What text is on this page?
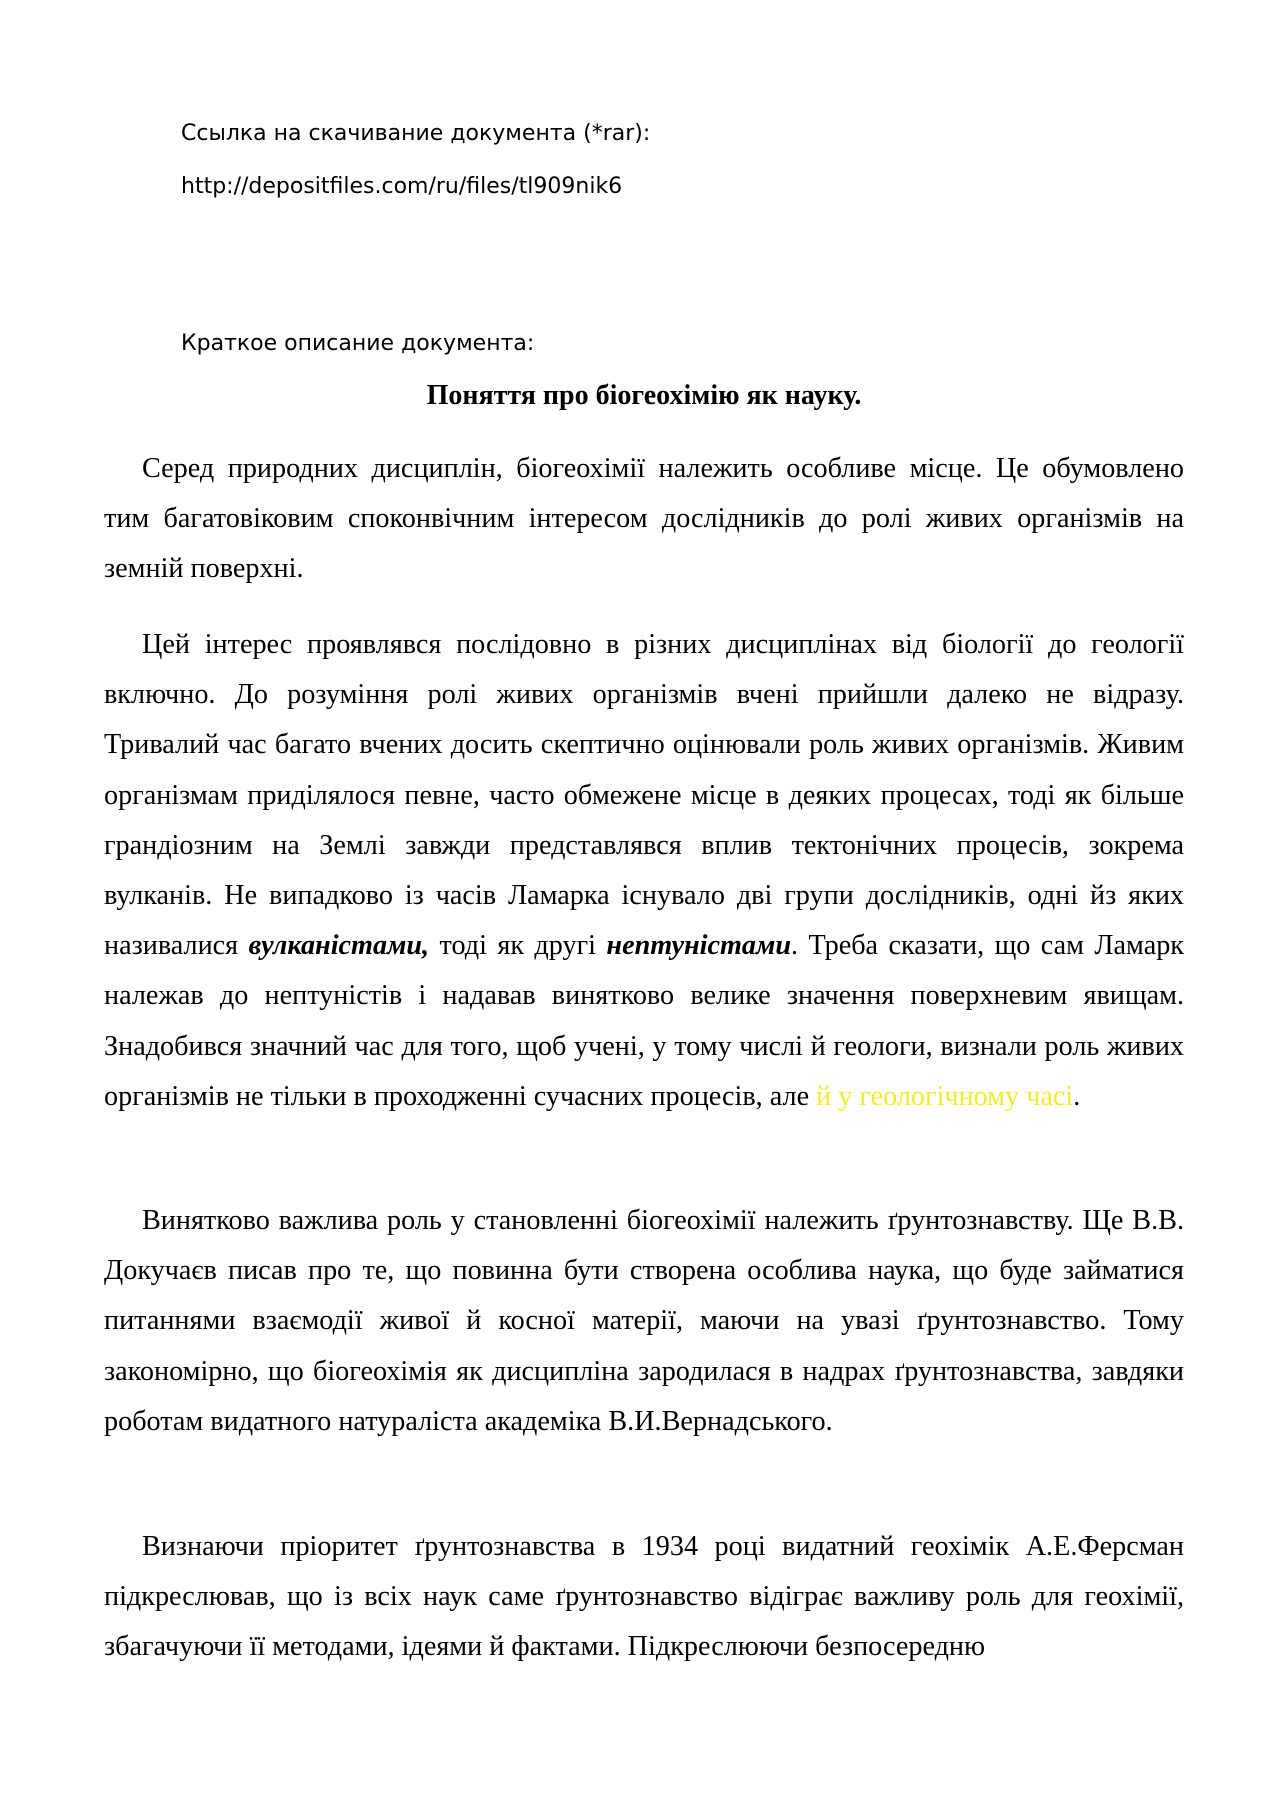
Ссылка на скачивание документа (*rar):
http://depositfiles.com/ru/files/tl909nik6
Краткое описание документа:
Поняття про біогеохімію як науку.

Серед природних дисциплін, біогеохімії належить особливе місце. Це обумовлено тим багатовіковим споконвічним інтересом дослідників до ролі живих організмів на земній поверхні.

Цей інтерес проявлявся послідовно в різних дисциплінах від біології до геології включно. До розуміння ролі живих організмів вчені прийшли далеко не відразу. Тривалий час багато вчених досить скептично оцінювали роль живих організмів. Живим організмам приділялося певне, часто обмежене місце в деяких процесах, тоді як більше грандіозним на Землі завжди представлявся вплив тектонічних процесів, зокрема вулканів. Не випадково із часів Ламарка існувало дві групи дослідників, одні йз яких називалися вулканістами, тоді як другі нептуністами. Треба сказати, що сам Ламарк належав до нептуністів і надавав винятково велике значення поверхневим явищам. Знадобився значний час для того, щоб учені, у тому числі й геологи, визнали роль живих організмів не тільки в проходженні сучасних процесів, але й у геологічному часі.

Винятково важлива роль у становленні біогеохімії належить ґрунтознавству. Ще В.В. Докучаєв писав про те, що повинна бути створена особлива наука, що буде займатися питаннями взаємодії живої й косної матерії, маючи на увазі ґрунтознавство. Тому закономірно, що біогеохімія як дисципліна зародилася в надрах ґрунтознавства, завдяки роботам видатного натураліста академіка В.И.Вернадського.

Визнаючи пріоритет ґрунтознавства в 1934 році видатний геохімік А.Е.Ферсман підкреслював, що із всіх наук саме ґрунтознавство відіграє важливу роль для геохімії, збагачуючи її методами, ідеями й фактами. Підкреслюючи безпосередню
